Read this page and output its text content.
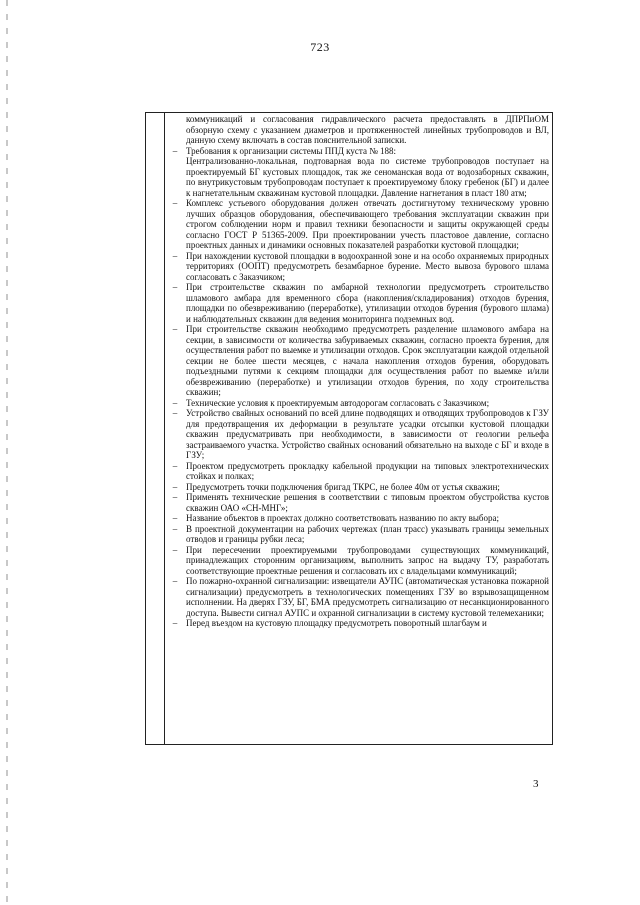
723

коммуникаций и согласования гидравлического расчета предоставлять в ДПРПиОМ обзорную схему с указанием диаметров и протяженностей линейных трубопроводов и ВЛ, данную схему включать в состав пояснительной записки.

– Требования к организации системы ППД куста № 188:

Централизованно-локальная, подтоварная вода по системе трубопроводов поступает на проектируемый БГ кустовых площадок, так же сеноманская вода от водозаборных скважин, по внутрикустовым трубопроводам поступает к проектируемому блоку гребенок (БГ) и далее к нагнетательным скважинам кустовой площадки. Давление нагнетания в пласт 180 атм;

– Комплекс устьевого оборудования должен отвечать достигнутому техническому уровню лучших образцов оборудования, обеспечивающего требования эксплуатации скважин при строгом соблюдении норм и правил техники безопасности и защиты окружающей среды согласно ГОСТ Р 51365-2009. При проектировании учесть пластовое давление, согласно проектных данных и динамики основных показателей разработки кустовой площадки;

– При нахождении кустовой площадки в водоохранной зоне и на особо охраняемых природных территориях (ООПТ) предусмотреть безамбарное бурение. Место вывоза бурового шлама согласовать с Заказчиком;

– При строительстве скважин по амбарной технологии предусмотреть строительство шламового амбара для временного сбора (накопления/складирования) отходов бурения, площадки по обезвреживанию (переработке), утилизации отходов бурения (бурового шлама) и наблюдательных скважин для ведения мониторинга подземных вод.

– При строительстве скважин необходимо предусмотреть разделение шламового амбара на секции, в зависимости от количества забуриваемых скважин, согласно проекта бурения, для осуществления работ по выемке и утилизации отходов. Срок эксплуатации каждой отдельной секции не более шести месяцев, с начала накопления отходов бурения, оборудовать подъездными путями к секциям площадки для осуществления работ по выемке и/или обезвреживанию (переработке) и утилизации отходов бурения, по ходу строительства скважин;

– Технические условия к проектируемым автодорогам согласовать с Заказчиком;

– Устройство свайных оснований по всей длине подводящих и отводящих трубопроводов к ГЗУ для предотвращения их деформации в результате усадки отсыпки кустовой площадки скважин предусматривать при необходимости, в зависимости от геологии рельефа застраиваемого участка. Устройство свайных оснований обязательно на выходе с БГ и входе в ГЗУ;

– Проектом предусмотреть прокладку кабельной продукции на типовых электротехнических стойках и полках;

– Предусмотреть точки подключения бригад ТКРС, не более 40м от устья скважин;

– Применять технические решения в соответствии с типовым проектом обустройства кустов скважин ОАО «СН-МНГ»;

– Название объектов в проектах должно соответствовать названию по акту выбора;

– В проектной документации на рабочих чертежах (план трасс) указывать границы земельных отводов и границы рубки леса;

– При пересечении проектируемыми трубопроводами существующих коммуникаций, принадлежащих сторонним организациям, выполнить запрос на выдачу ТУ, разработать соответствующие проектные решения и согласовать их с владельцами коммуникаций;

– По пожарно-охранной сигнализации: извещатели АУПС (автоматическая установка пожарной сигнализации) предусмотреть в технологических помещениях ГЗУ во взрывозащищенном исполнении. На дверях ГЗУ, БГ, БМА предусмотреть сигнализацию от несанкционированного доступа. Вывести сигнал АУПС и охранной сигнализации в систему кустовой телемеханики;

– Перед въездом на кустовую площадку предусмотреть поворотный шлагбаум и

3
